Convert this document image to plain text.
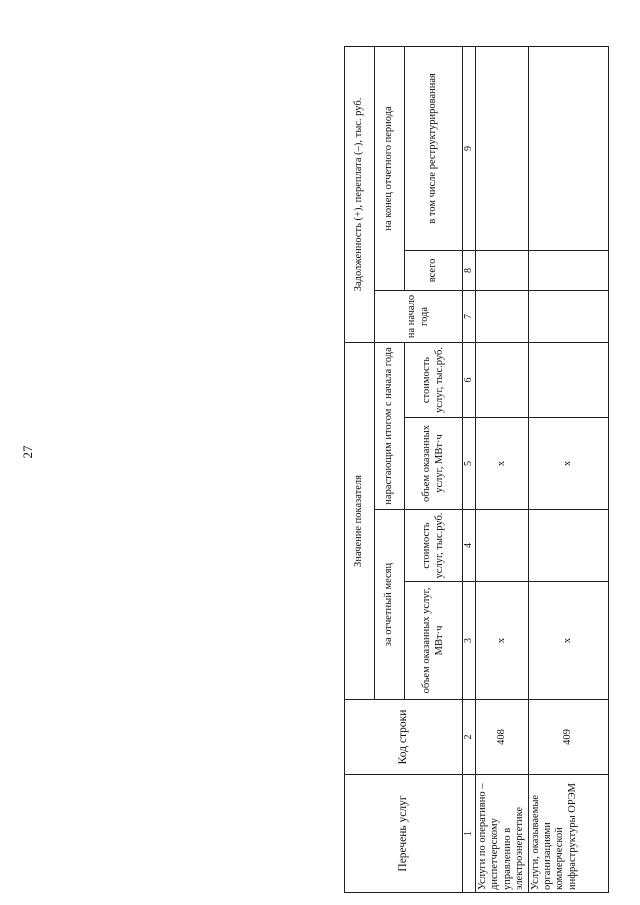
27
Перечень услуг	Код строки	Значение показателя				Задолженность (+), переплата (–), тыс. руб.		
		за отчетный месяц		нарастающим итогом с начала года		на начало года	на конец отчетного периода	
		объем оказанных услуг, МВт·ч	стоимость услуг, тыс.руб.	объем оказанных услуг, МВт·ч	стоимость услуг, тыс.руб.		всего	в том числе реструктурированная

1	2	3	4	5	6	7	8	9
Услуги по оперативно – диспетчерскому управлению в электроэнергетике	408	х		х				
Услуги, оказываемые организациями коммерческой инфраструктуры ОРЭМ	409	х		х				
